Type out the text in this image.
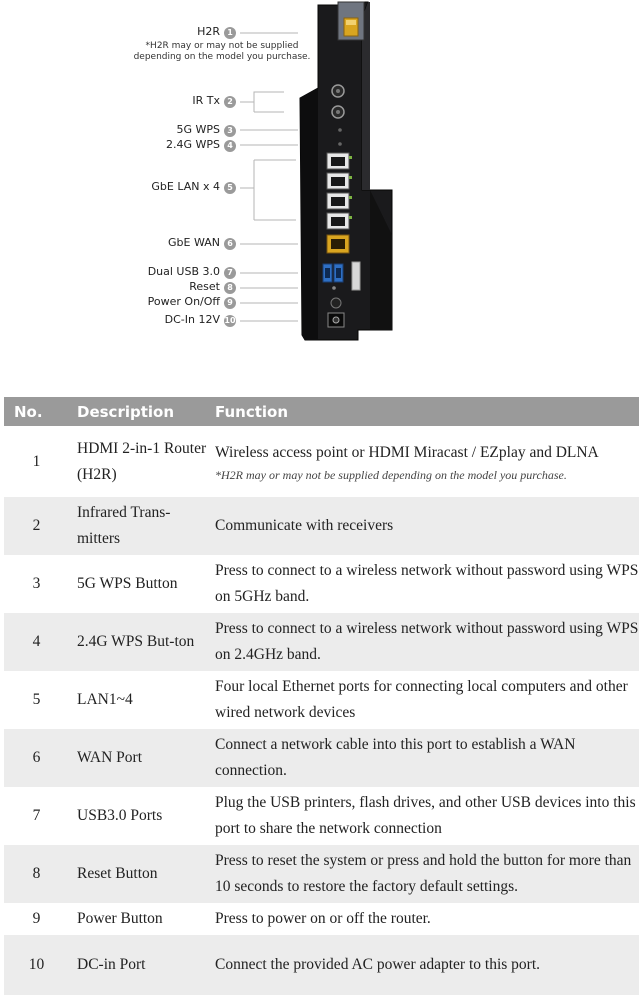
H2R 1
*H2R may or may not be supplied
depending on the model you purchase.
IR Tx 2
5G WPS 3
2.4G WPS 4
GbE LAN x 4 5
GbE WAN 6
Dual USB 3.0 7
Reset 8
Power On/Off 9
DC-In 12V 10
No.	Description	Function
1	HDMI 2-in-1 Router (H2R)	Wireless access point or HDMI Miracast / EZplay and DLNA
*H2R may or may not be supplied depending on the model you purchase.

2	Infrared Trans-mitters	Communicate with receivers
3	5G WPS Button	Press to connect to a wireless network without password using WPS on 5GHz band.
4	2.4G WPS But-ton	Press to connect to a wireless network without password using WPS on 2.4GHz band.
5	LAN1~4	Four local Ethernet ports for connecting local computers and other wired network devices
6	WAN Port	Connect a network cable into this port to establish a WAN connection.
7	USB3.0 Ports	Plug the USB printers, flash drives, and other USB devices into this port to share the network connection
8	Reset Button	Press to reset the system or press and hold the button for more than 10 seconds to restore the factory default settings.
9	Power Button	Press to power on or off the router.
10	DC-in Port	Connect the provided AC power adapter to this port.
